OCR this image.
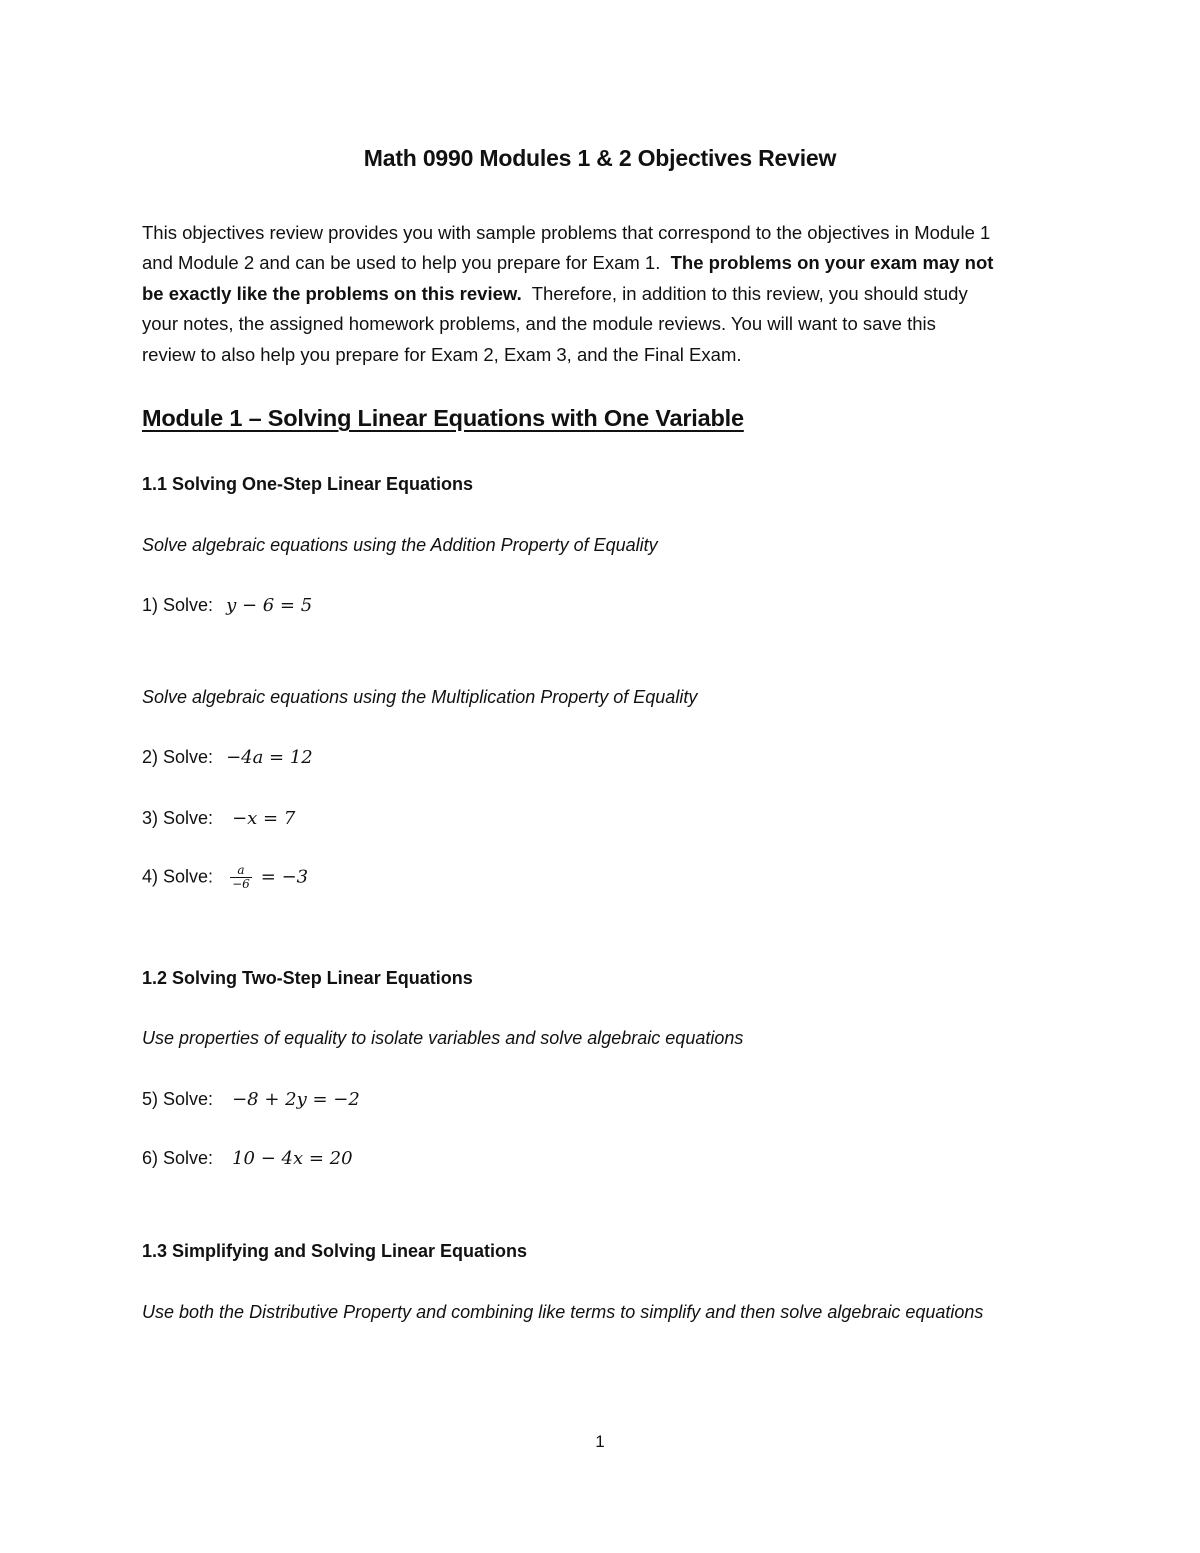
Math 0990 Modules 1 & 2 Objectives Review
This objectives review provides you with sample problems that correspond to the objectives in Module 1
and Module 2 and can be used to help you prepare for Exam 1. The problems on your exam may not
be exactly like the problems on this review. Therefore, in addition to this review, you should study
your notes, the assigned homework problems, and the module reviews. You will want to save this
review to also help you prepare for Exam 2, Exam 3, and the Final Exam.
Module 1 – Solving Linear Equations with One Variable
1.1 Solving One-Step Linear Equations
Solve algebraic equations using the Addition Property of Equality
1) Solve: y − 6 = 5
Solve algebraic equations using the Multiplication Property of Equality
2) Solve: −4a = 12
3) Solve: −x = 7
4) Solve: $\frac{a}{-6} = -3$
1.2 Solving Two-Step Linear Equations
Use properties of equality to isolate variables and solve algebraic equations
5) Solve: −8 + 2y = −2
6) Solve: 10 − 4x = 20
1.3 Simplifying and Solving Linear Equations
Use both the Distributive Property and combining like terms to simplify and then solve algebraic equations
1
